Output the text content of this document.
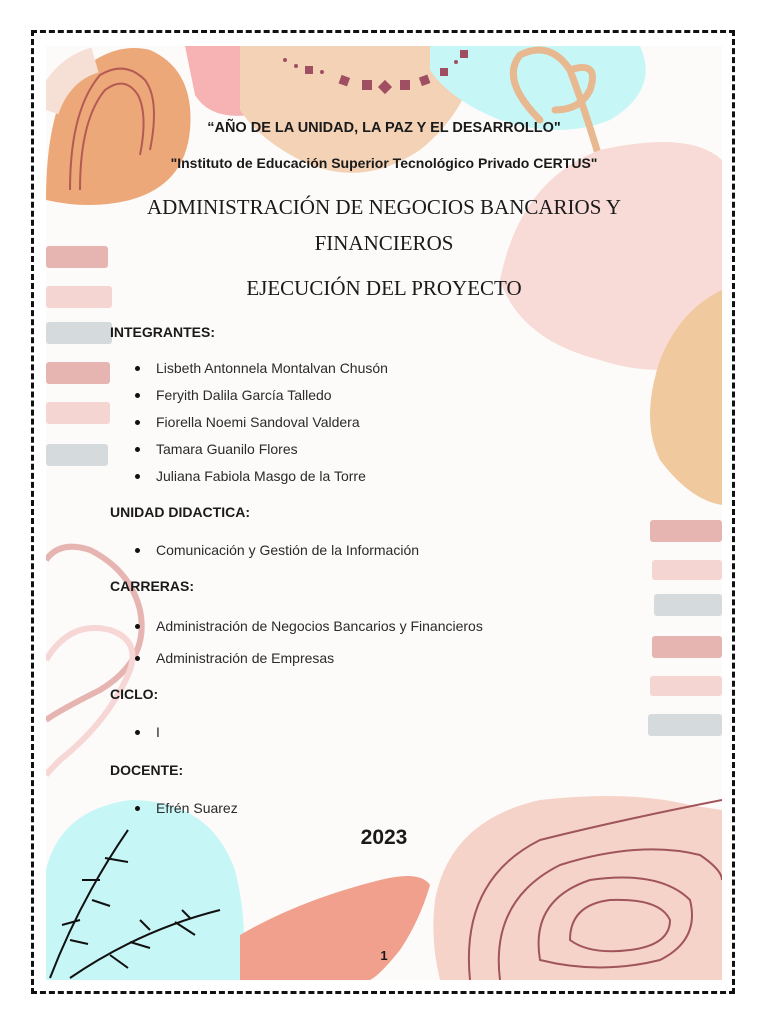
“AÑO DE LA UNIDAD, LA PAZ Y EL DESARROLLO"
"Instituto de Educación Superior Tecnológico Privado CERTUS"
ADMINISTRACIÓN DE NEGOCIOS BANCARIOS Y FINANCIEROS
EJECUCIÓN DEL PROYECTO
INTEGRANTES:
Lisbeth Antonnela Montalvan Chusón
Feryith Dalila García Talledo
Fiorella Noemi Sandoval Valdera
Tamara Guanilo Flores
Juliana Fabiola Masgo de la Torre
UNIDAD DIDACTICA:
Comunicación y Gestión de la Información
CARRERAS:
Administración de Negocios Bancarios y Financieros
Administración de Empresas
CICLO:
I
DOCENTE:
Efrén Suarez
2023
1
